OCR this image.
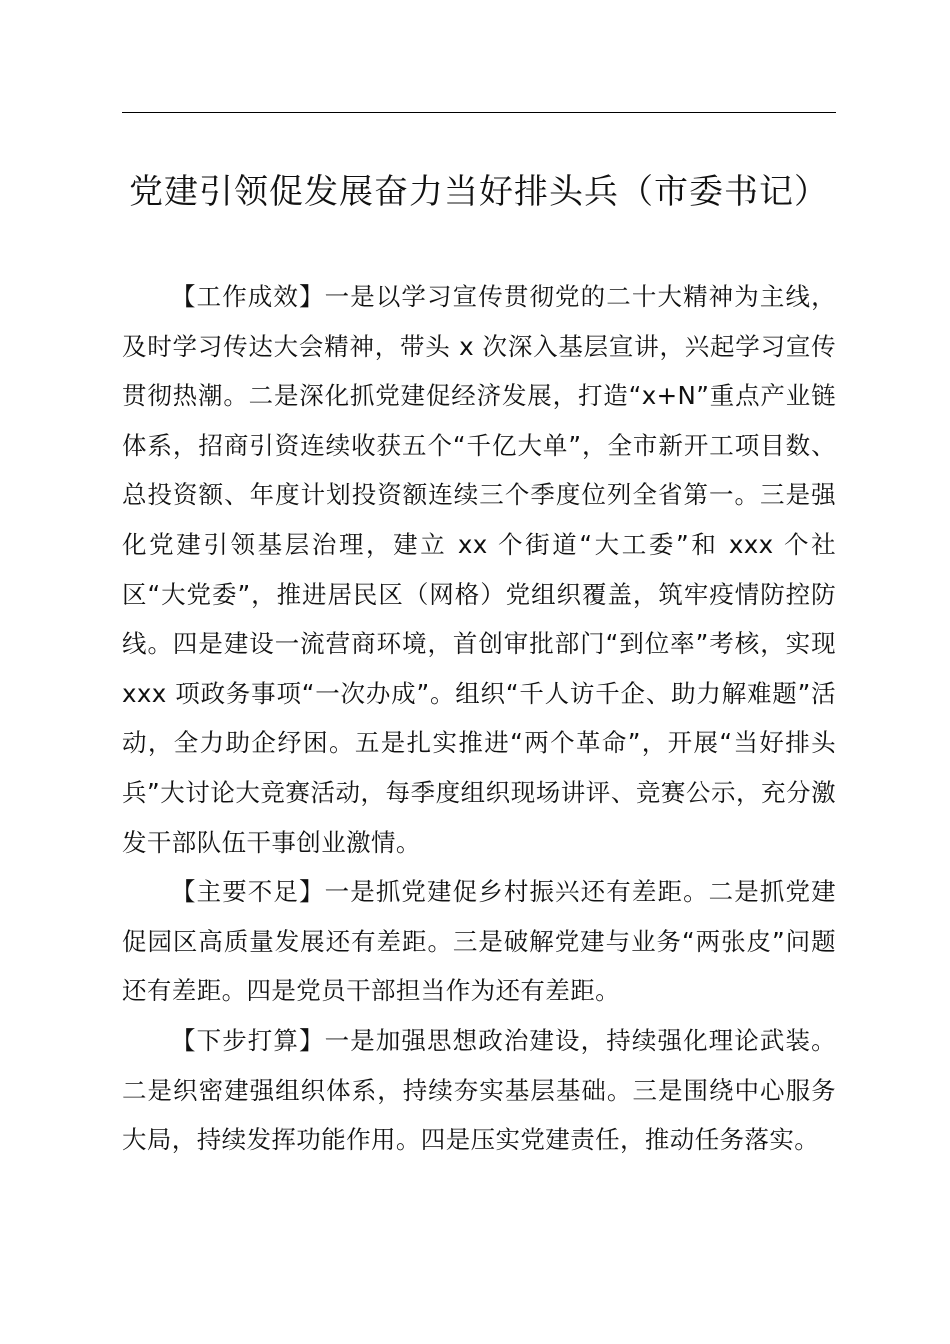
党建引领促发展奋力当好排头兵（市委书记）

【工作成效】一是以学习宣传贯彻党的二十大精神为主线，及时学习传达大会精神，带头 x 次深入基层宣讲，兴起学习宣传贯彻热潮。二是深化抓党建促经济发展，打造“x+N”重点产业链体系，招商引资连续收获五个“千亿大单”，全市新开工项目数、总投资额、年度计划投资额连续三个季度位列全省第一。三是强化党建引领基层治理，建立 xx 个街道“大工委”和 xxx 个社区“大党委”，推进居民区（网格）党组织覆盖，筑牢疫情防控防线。四是建设一流营商环境，首创审批部门“到位率”考核，实现 xxx 项政务事项“一次办成”。组织“千人访千企、助力解难题”活动，全力助企纾困。五是扎实推进“两个革命”，开展“当好排头兵”大讨论大竞赛活动，每季度组织现场讲评、竞赛公示，充分激发干部队伍干事创业激情。

【主要不足】一是抓党建促乡村振兴还有差距。二是抓党建促园区高质量发展还有差距。三是破解党建与业务“两张皮”问题还有差距。四是党员干部担当作为还有差距。

【下步打算】一是加强思想政治建设，持续强化理论武装。二是织密建强组织体系，持续夯实基层基础。三是围绕中心服务大局，持续发挥功能作用。四是压实党建责任，推动任务落实。
